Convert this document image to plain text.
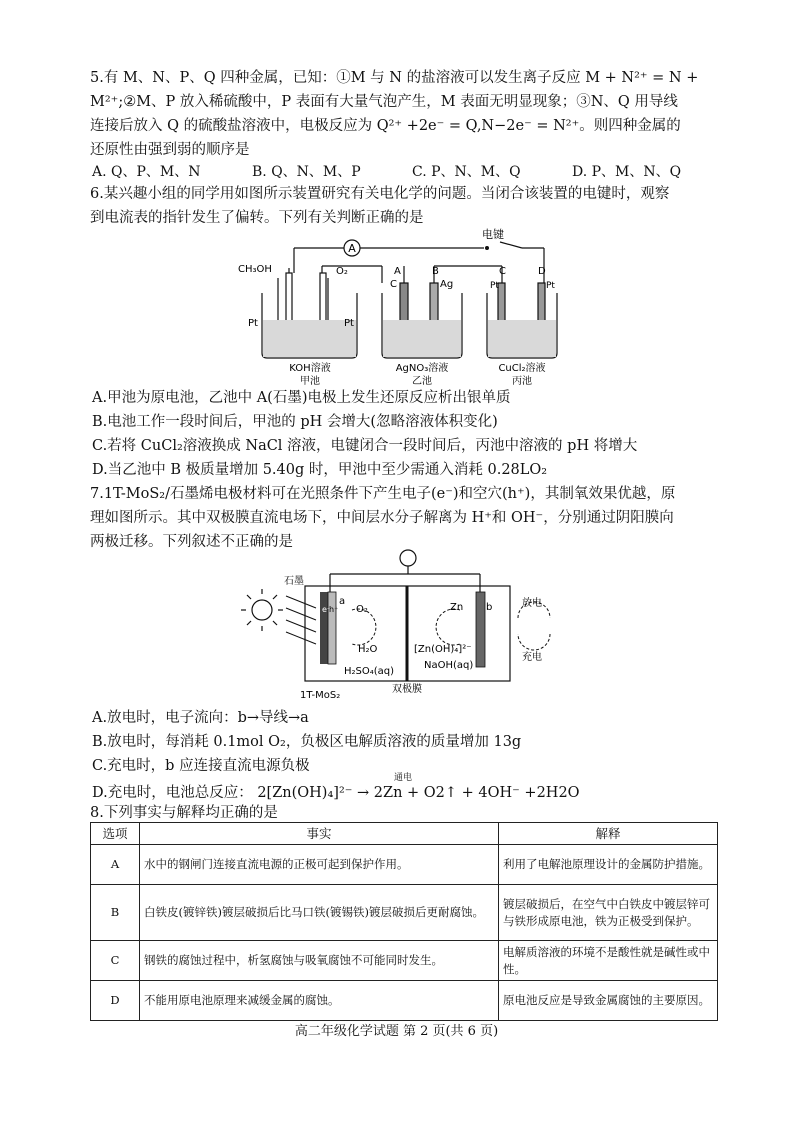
5.有 M、N、P、Q 四种金属，已知：①M 与 N 的盐溶液可以发生离子反应 M + N²⁺ = N +
M²⁺;②M、P 放入稀硫酸中，P 表面有大量气泡产生，M 表面无明显现象；③N、Q 用导线
连接后放入 Q 的硫酸盐溶液中，电极反应为 Q²⁺ +2e⁻ = Q,N−2e⁻ = N²⁺。则四种金属的
还原性由强到弱的顺序是
A. Q、P、M、N	B. Q、N、M、P	C. P、N、M、Q	D. P、M、N、Q
6.某兴趣小组的同学用如图所示装置研究有关电化学的问题。当闭合该装置的电键时，观察
到电流表的指针发生了偏转。下列有关判断正确的是
A
电键
CH₃OH	O₂
Pt	Pt
KOH溶液
甲池
A
C
B
Ag
AgNO₃溶液
乙池
C	D
Pt	Pt
CuCl₂溶液
丙池
A.甲池为原电池，乙池中 A(石墨)电极上发生还原反应析出银单质
B.电池工作一段时间后，甲池的 pH 会增大(忽略溶液体积变化)
C.若将 CuCl₂溶液换成 NaCl 溶液，电键闭合一段时间后，丙池中溶液的 pH 将增大
D.当乙池中 B 极质量增加 5.40g 时，甲池中至少需通入消耗 0.28LO₂
7.1T-MoS₂/石墨烯电极材料可在光照条件下产生电子(e⁻)和空穴(h⁺)，其制氧效果优越，原
理如图所示。其中双极膜直流电场下，中间层水分子解离为 H⁺和 OH⁻，分别通过阴阳膜向
两极迁移。下列叙述不正确的是
石墨
a
O₂
H₂O
e⁻
h⁺
H₂SO₄(aq)
1T-MoS₂
双极膜
Zn b
[Zn(OH)₄]²⁻
NaOH(aq)
放电
充电
A.放电时，电子流向：b→导线→a
B.放电时，每消耗 0.1mol O₂，负极区电解质溶液的质量增加 13g
C.充电时，b 应连接直流电源负极
D.充电时，电池总反应： 2[Zn(OH)₄]²⁻ → 2Zn + O2↑ + 4OH⁻ +2H2O
通电
8.下列事实与解释均正确的是
选项	事实	解释
A	水中的钢闸门连接直流电源的正极可起到保护作用。	利用了电解池原理设计的金属防护措施。
B	白铁皮(镀锌铁)镀层破损后比马口铁(镀锡铁)镀层破损后更耐腐蚀。	镀层破损后，在空气中白铁皮中镀层锌可与铁形成原电池，铁为正极受到保护。
C	钢铁的腐蚀过程中，析氢腐蚀与吸氧腐蚀不可能同时发生。	电解质溶液的环境不是酸性就是碱性或中性。
D	不能用原电池原理来减缓金属的腐蚀。	原电池反应是导致金属腐蚀的主要原因。
高二年级化学试题 第 2 页(共 6 页)
